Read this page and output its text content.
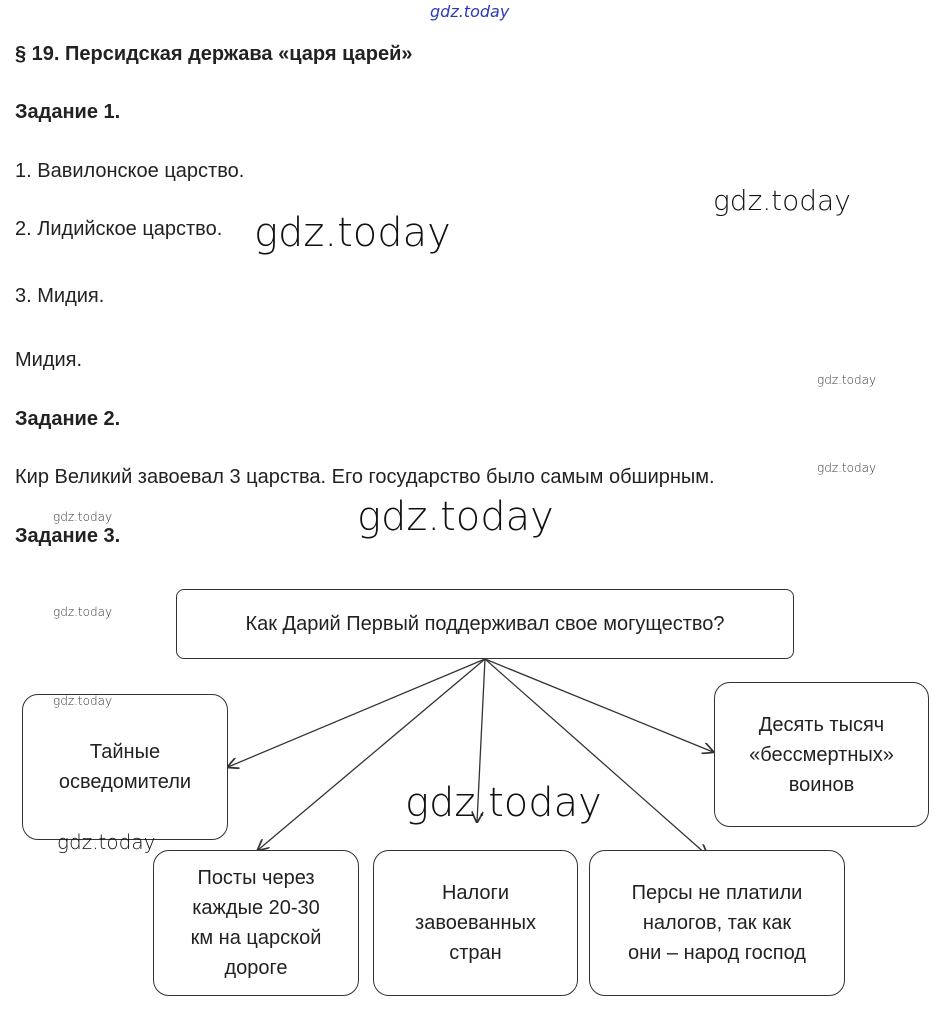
gdz.today
§ 19. Персидская держава «царя царей»
Задание 1.
1. Вавилонское царство.
2. Лидийское царство.
3. Мидия.
Мидия.
Задание 2.
Кир Великий завоевал 3 царства. Его государство было самым обширным.
Задание 3.
Как Дарий Первый поддерживал свое могущество?
Тайные
осведомители
Посты через
каждые 20-30
км на царской
дороге
Налоги
завоеванных
стран
Персы не платили
налогов, так как
они – народ господ
Десять тысяч
«бессмертных»
воинов
gdz.today
gdz.today
gdz.today
gdz.today
gdz.today
gdz.today
gdz.today
gdz.today
gdz.today
gdz.today
